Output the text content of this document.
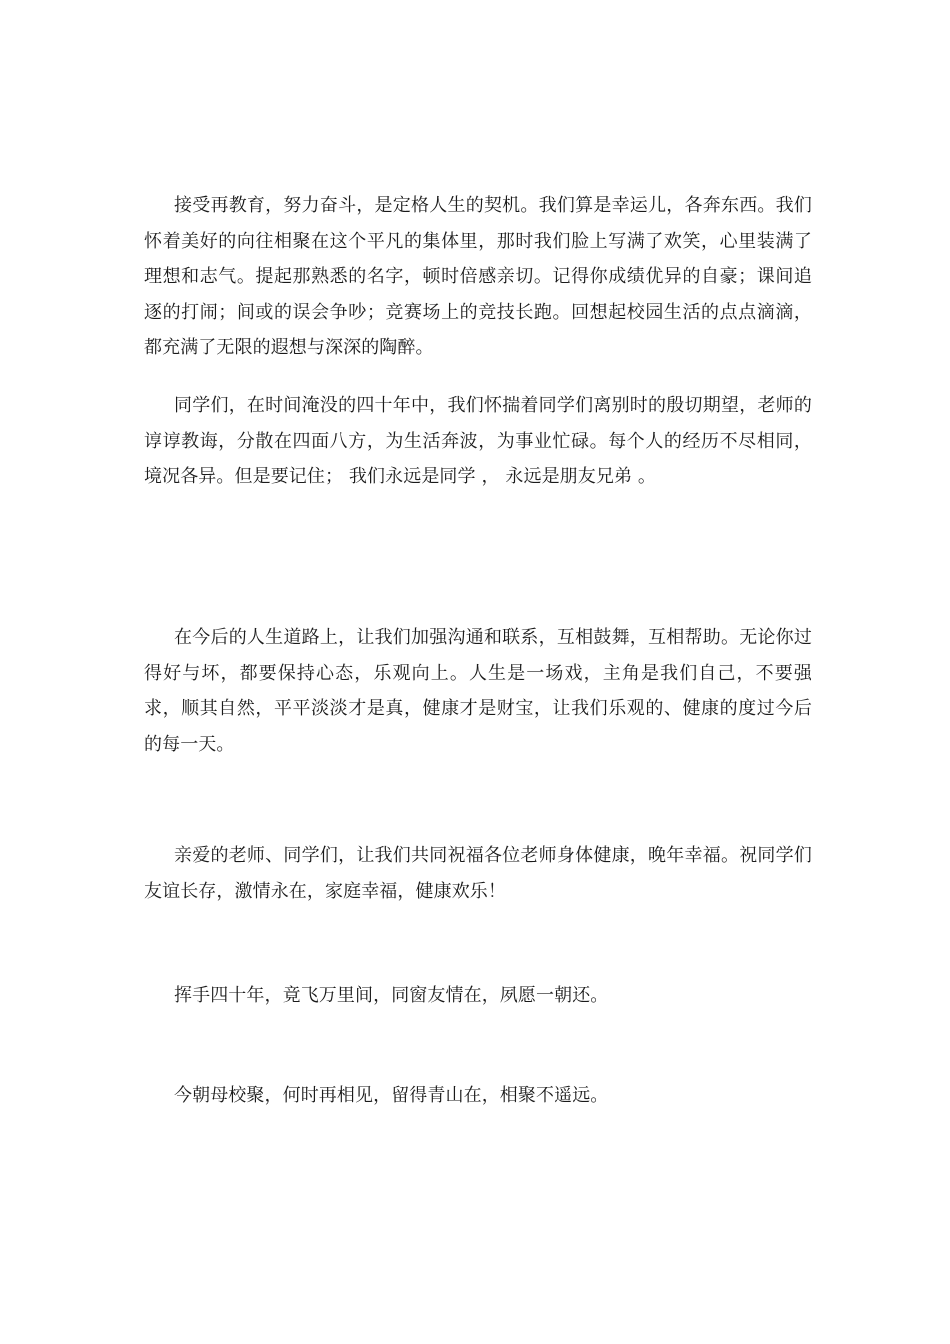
接受再教育，努力奋斗，是定格人生的契机。我们算是幸运儿，各奔东西。我们怀着美好的向往相聚在这个平凡的集体里，那时我们脸上写满了欢笑，心里装满了理想和志气。提起那熟悉的名字，顿时倍感亲切。记得你成绩优异的自豪；课间追逐的打闹；间或的误会争吵；竞赛场上的竞技长跑。回想起校园生活的点点滴滴，都充满了无限的遐想与深深的陶醉。

同学们，在时间淹没的四十年中，我们怀揣着同学们离别时的殷切期望，老师的谆谆教诲，分散在四面八方，为生活奔波，为事业忙碌。每个人的经历不尽相同，境况各异。但是要记住； 我们永远是同学 ， 永远是朋友兄弟 。

在今后的人生道路上，让我们加强沟通和联系，互相鼓舞，互相帮助。无论你过得好与坏，都要保持心态，乐观向上。人生是一场戏，主角是我们自己，不要强求，顺其自然，平平淡淡才是真，健康才是财宝，让我们乐观的、健康的度过今后的每一天。

亲爱的老师、同学们，让我们共同祝福各位老师身体健康，晚年幸福。祝同学们友谊长存，激情永在，家庭幸福，健康欢乐！

挥手四十年，竟飞万里间，同窗友情在，夙愿一朝还。

今朝母校聚，何时再相见，留得青山在，相聚不遥远。
